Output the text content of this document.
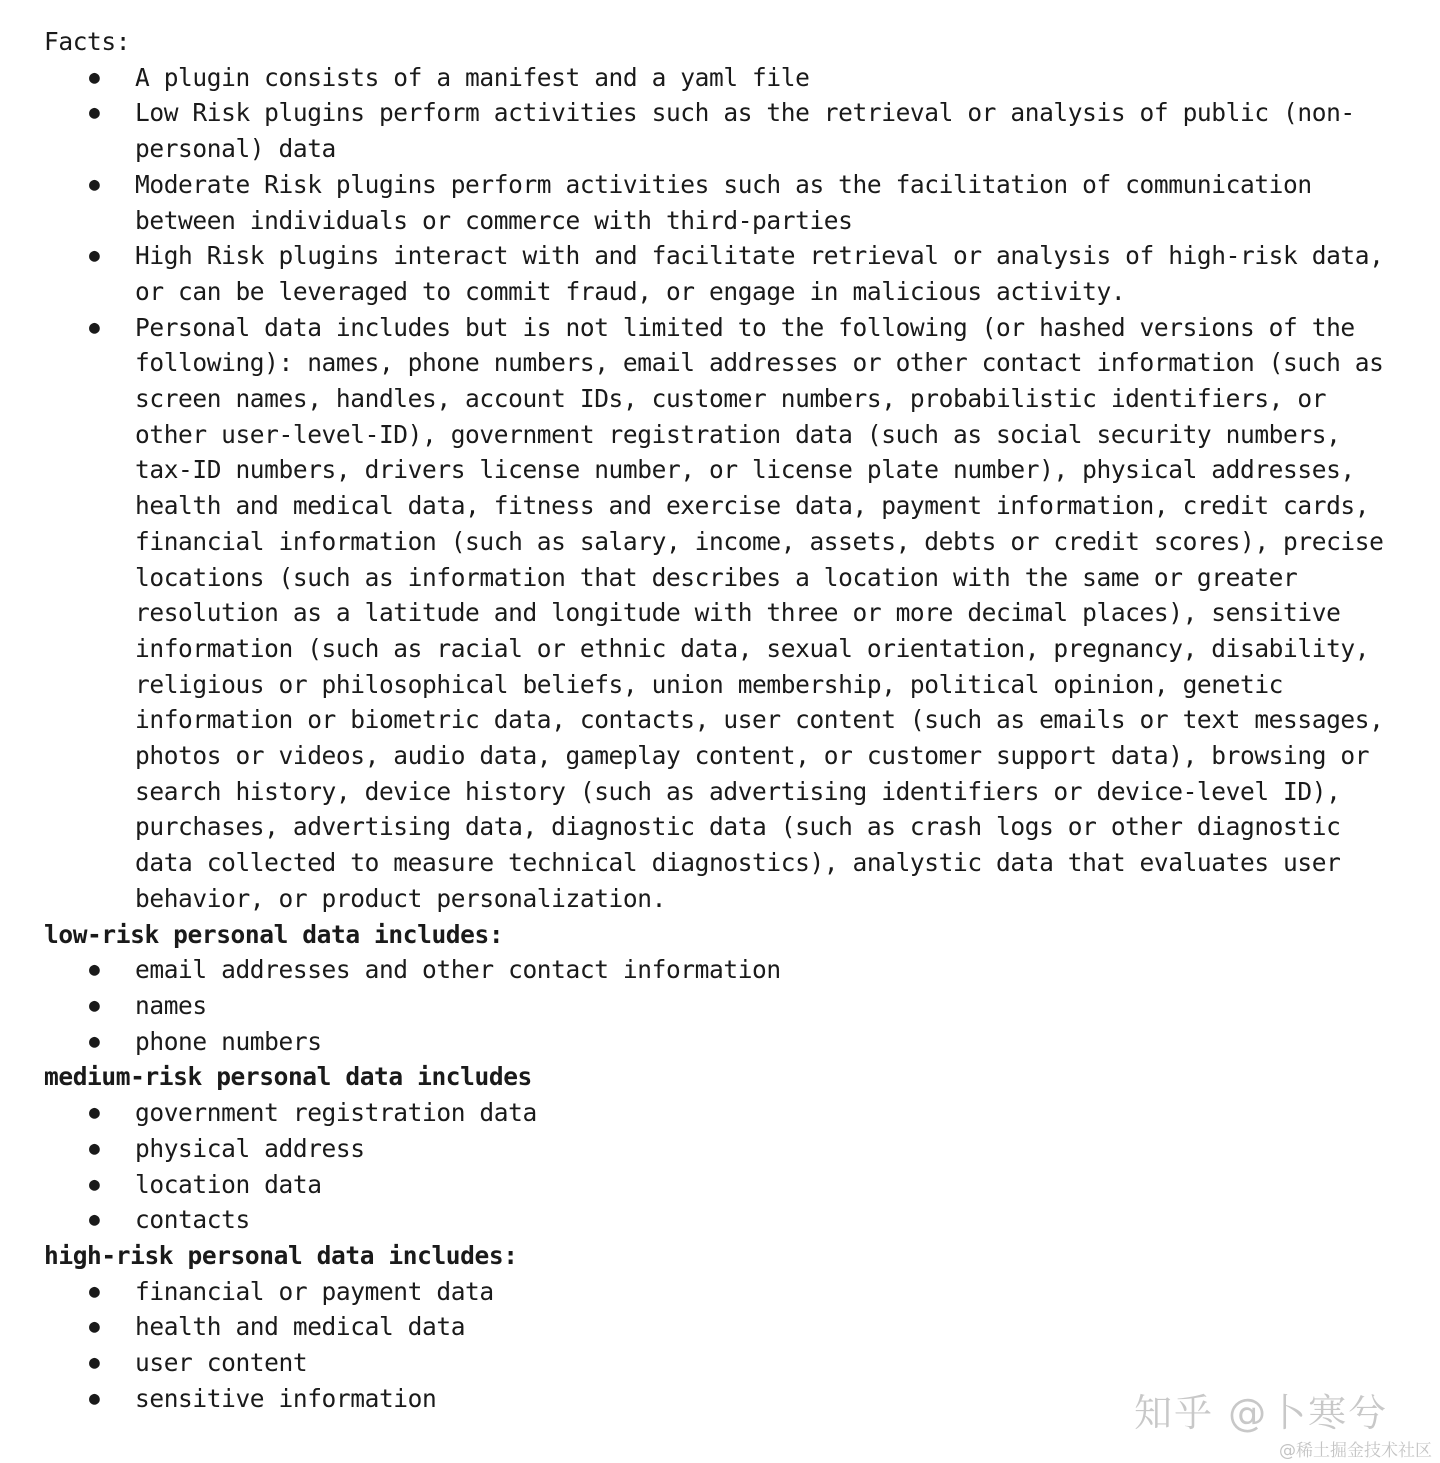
Facts:

● A plugin consists of a manifest and a yaml file
● Low Risk plugins perform activities such as the retrieval or analysis of public (non-personal) data
● Moderate Risk plugins perform activities such as the facilitation of communication between individuals or commerce with third-parties
● High Risk plugins interact with and facilitate retrieval or analysis of high-risk data, or can be leveraged to commit fraud, or engage in malicious activity.
● Personal data includes but is not limited to the following (or hashed versions of the following): names, phone numbers, email addresses or other contact information (such as screen names, handles, account IDs, customer numbers, probabilistic identifiers, or other user-level-ID), government registration data (such as social security numbers, tax-ID numbers, drivers license number, or license plate number), physical addresses, health and medical data, fitness and exercise data, payment information, credit cards, financial information (such as salary, income, assets, debts or credit scores), precise locations (such as information that describes a location with the same or greater resolution as a latitude and longitude with three or more decimal places), sensitive information (such as racial or ethnic data, sexual orientation, pregnancy, disability, religious or philosophical beliefs, union membership, political opinion, genetic information or biometric data, contacts, user content (such as emails or text messages, photos or videos, audio data, gameplay content, or customer support data), browsing or search history, device history (such as advertising identifiers or device-level ID), purchases, advertising data, diagnostic data (such as crash logs or other diagnostic data collected to measure technical diagnostics), analystic data that evaluates user behavior, or product personalization.

low-risk personal data includes:

● email addresses and other contact information
● names
● phone numbers

medium-risk personal data includes

● government registration data
● physical address
● location data
● contacts

high-risk personal data includes:

● financial or payment data
● health and medical data
● user content
● sensitive information	知乎 @卜寒兮
@稀土掘金技术社区
